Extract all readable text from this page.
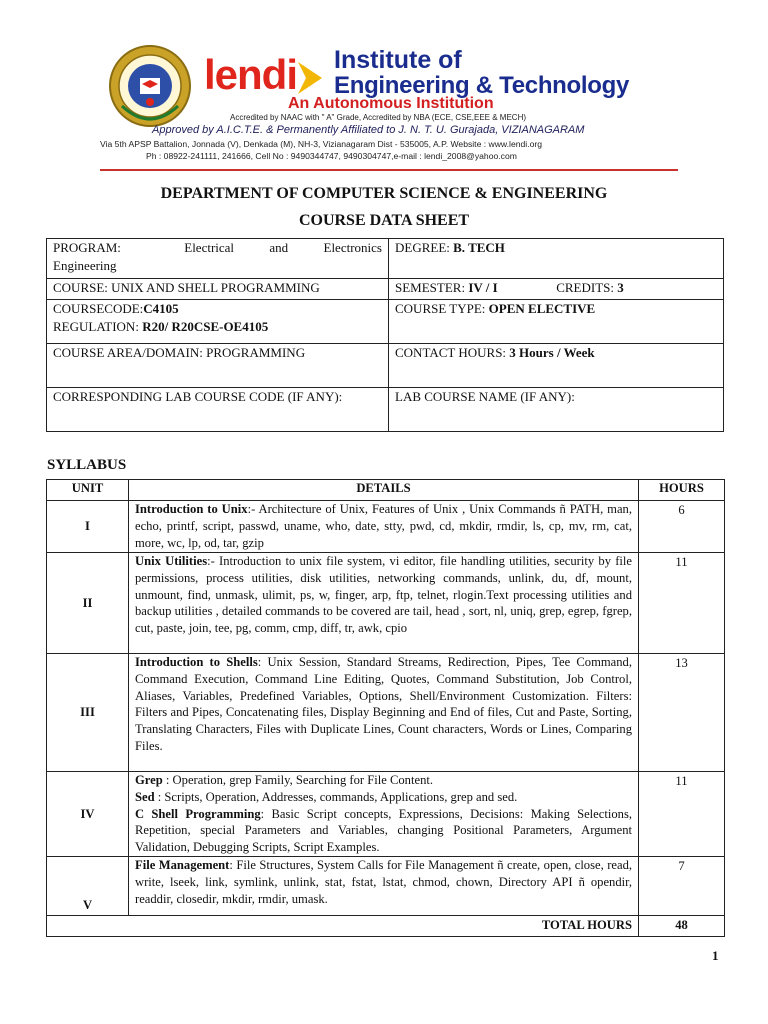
lendi Institute of
Engineering & Technology
An Autonomous Institution
Accredited by NAAC with " A" Grade, Accredited by NBA (ECE, CSE,EEE & MECH)
Approved by A.I.C.T.E. & Permanently Affiliated to J. N. T. U. Gurajada, VIZIANAGARAM
Via 5th APSP Battalion, Jonnada (V), Denkada (M), NH-3, Vizianagaram Dist - 535005, A.P. Website : www.lendi.org
Ph : 08922-241111, 241666, Cell No : 9490344747, 9490304747,e-mail : lendi_2008@yahoo.com
DEPARTMENT OF COMPUTER SCIENCE & ENGINEERING
COURSE DATA SHEET
PROGRAM: Electrical and Electronics
Engineering	DEGREE: B. TECH
COURSE: UNIX AND SHELL PROGRAMMING	SEMESTER: IV / I CREDITS: 3

COURSECODE:C4105
REGULATION: R20/ R20CSE-OE4105	COURSE TYPE: OPEN ELECTIVE
COURSE AREA/DOMAIN: PROGRAMMING	CONTACT HOURS: 3 Hours / Week

CORRESPONDING LAB COURSE CODE (IF ANY):	LAB COURSE NAME (IF ANY):
SYLLABUS
UNIT	DETAILS	HOURS
I	Introduction to Unix:- Architecture of Unix, Features of Unix , Unix Commands ñ PATH, man, echo, printf, script, passwd, uname, who, date, stty, pwd, cd, mkdir, rmdir, ls, cp, mv, rm, cat, more, wc, lp, od, tar, gzip	6
II	Unix Utilities:- Introduction to unix file system, vi editor, file handling utilities, security by file permissions, process utilities, disk utilities, networking commands, unlink, du, df, mount, unmount, find, unmask, ulimit, ps, w, finger, arp, ftp, telnet, rlogin.Text processing utilities and backup utilities , detailed commands to be covered are tail, head , sort, nl, uniq, grep, egrep, fgrep, cut, paste, join, tee, pg, comm, cmp, diff, tr, awk, cpio	11
III	Introduction to Shells: Unix Session, Standard Streams, Redirection, Pipes, Tee Command, Command Execution, Command Line Editing, Quotes, Command Substitution, Job Control, Aliases, Variables, Predefined Variables, Options, Shell/Environment Customization. Filters: Filters and Pipes, Concatenating files, Display Beginning and End of files, Cut and Paste, Sorting, Translating Characters, Files with Duplicate Lines, Count characters, Words or Lines, Comparing Files.	13
IV	Grep : Operation, grep Family, Searching for File Content.
Sed : Scripts, Operation, Addresses, commands, Applications, grep and sed.
C Shell Programming: Basic Script concepts, Expressions, Decisions: Making Selections, Repetition, special Parameters and Variables, changing Positional Parameters, Argument Validation, Debugging Scripts, Script Examples.	11
V	File Management: File Structures, System Calls for File Management ñ create, open, close, read, write, lseek, link, symlink, unlink, stat, fstat, lstat, chmod, chown, Directory API ñ opendir, readdir, closedir, mkdir, rmdir, umask.	7
TOTAL HOURS		48
1
